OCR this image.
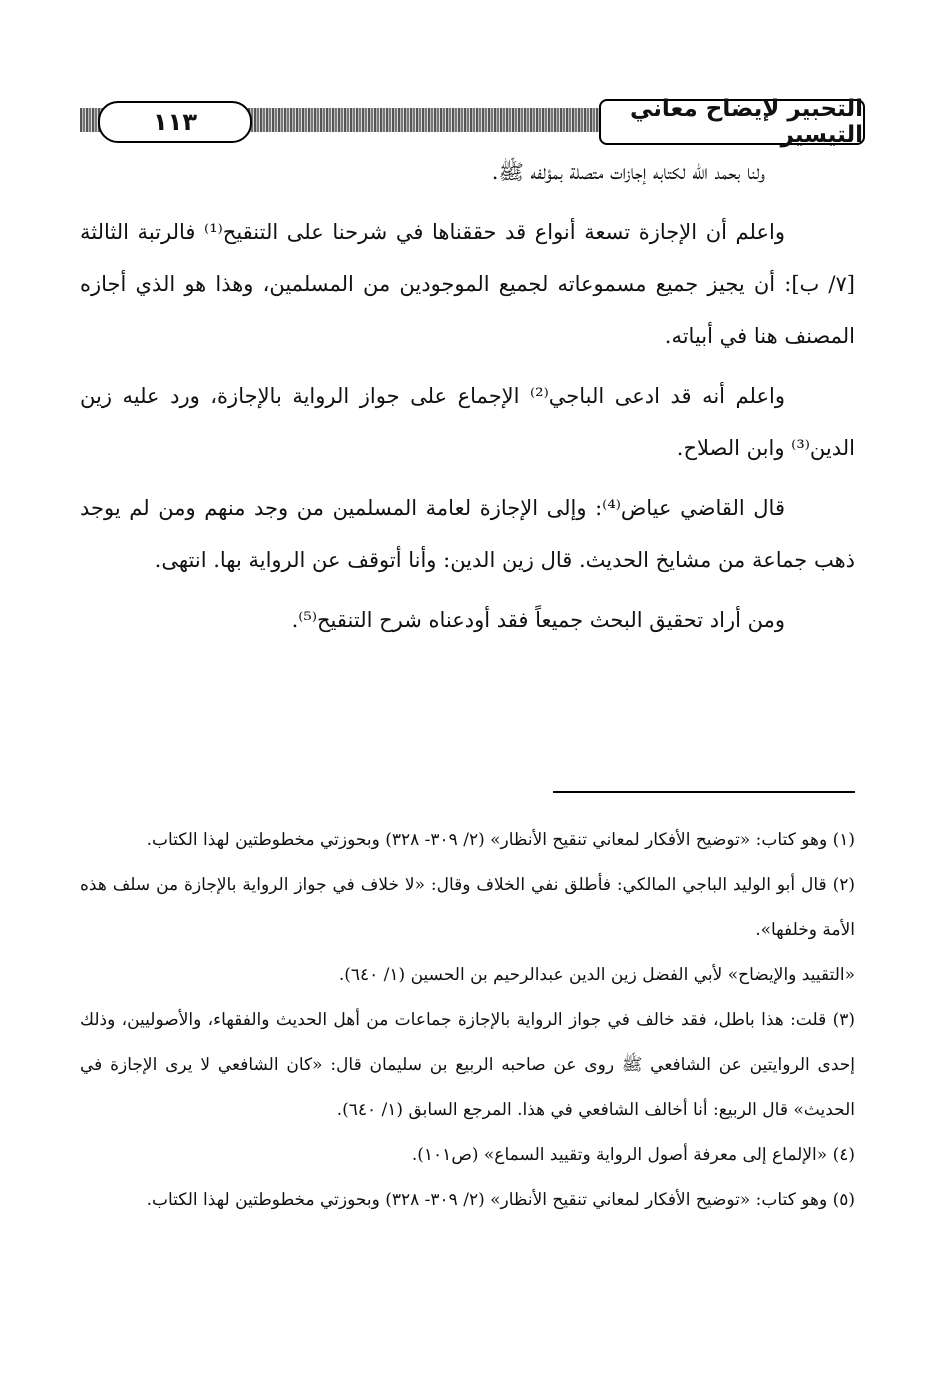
١١٣	التحبير لإيضاح معاني التيسير

ولنا بحمد الله لكتابه إجازات متصلة بمؤلفه ﷺ.

واعلم أن الإجازة تسعة أنواع قد حققناها في شرحنا على التنقيح⁽¹⁾ فالرتبة الثالثة [٧/ ب]: أن يجيز جميع مسموعاته لجميع الموجودين من المسلمين، وهذا هو الذي أجازه المصنف هنا في أبياته.

واعلم أنه قد ادعى الباجي⁽²⁾ الإجماع على جواز الرواية بالإجازة، ورد عليه زين الدين⁽³⁾ وابن الصلاح.

قال القاضي عياض⁽⁴⁾: وإلى الإجازة لعامة المسلمين من وجد منهم ومن لم يوجد ذهب جماعة من مشايخ الحديث. قال زين الدين: وأنا أتوقف عن الرواية بها. انتهى.

ومن أراد تحقيق البحث جميعاً فقد أودعناه شرح التنقيح⁽⁵⁾.

(١) وهو كتاب: «توضيح الأفكار لمعاني تنقيح الأنظار» (٢/ ٣٠٩- ٣٢٨) وبحوزتي مخطوطتين لهذا الكتاب.

(٢) قال أبو الوليد الباجي المالكي: فأطلق نفي الخلاف وقال: «لا خلاف في جواز الرواية بالإجازة من سلف هذه الأمة وخلفها».

«التقييد والإيضاح» لأبي الفضل زين الدين عبدالرحيم بن الحسين (١/ ٦٤٠).

(٣) قلت: هذا باطل، فقد خالف في جواز الرواية بالإجازة جماعات من أهل الحديث والفقهاء، والأصوليين، وذلك إحدى الروايتين عن الشافعي ﷺ روى عن صاحبه الربيع بن سليمان قال: «كان الشافعي لا يرى الإجازة في الحديث» قال الربيع: أنا أخالف الشافعي في هذا. المرجع السابق (١/ ٦٤٠).

(٤) «الإلماع إلى معرفة أصول الرواية وتقييد السماع» (ص١٠١).

(٥) وهو كتاب: «توضيح الأفكار لمعاني تنقيح الأنظار» (٢/ ٣٠٩- ٣٢٨) وبحوزتي مخطوطتين لهذا الكتاب.
